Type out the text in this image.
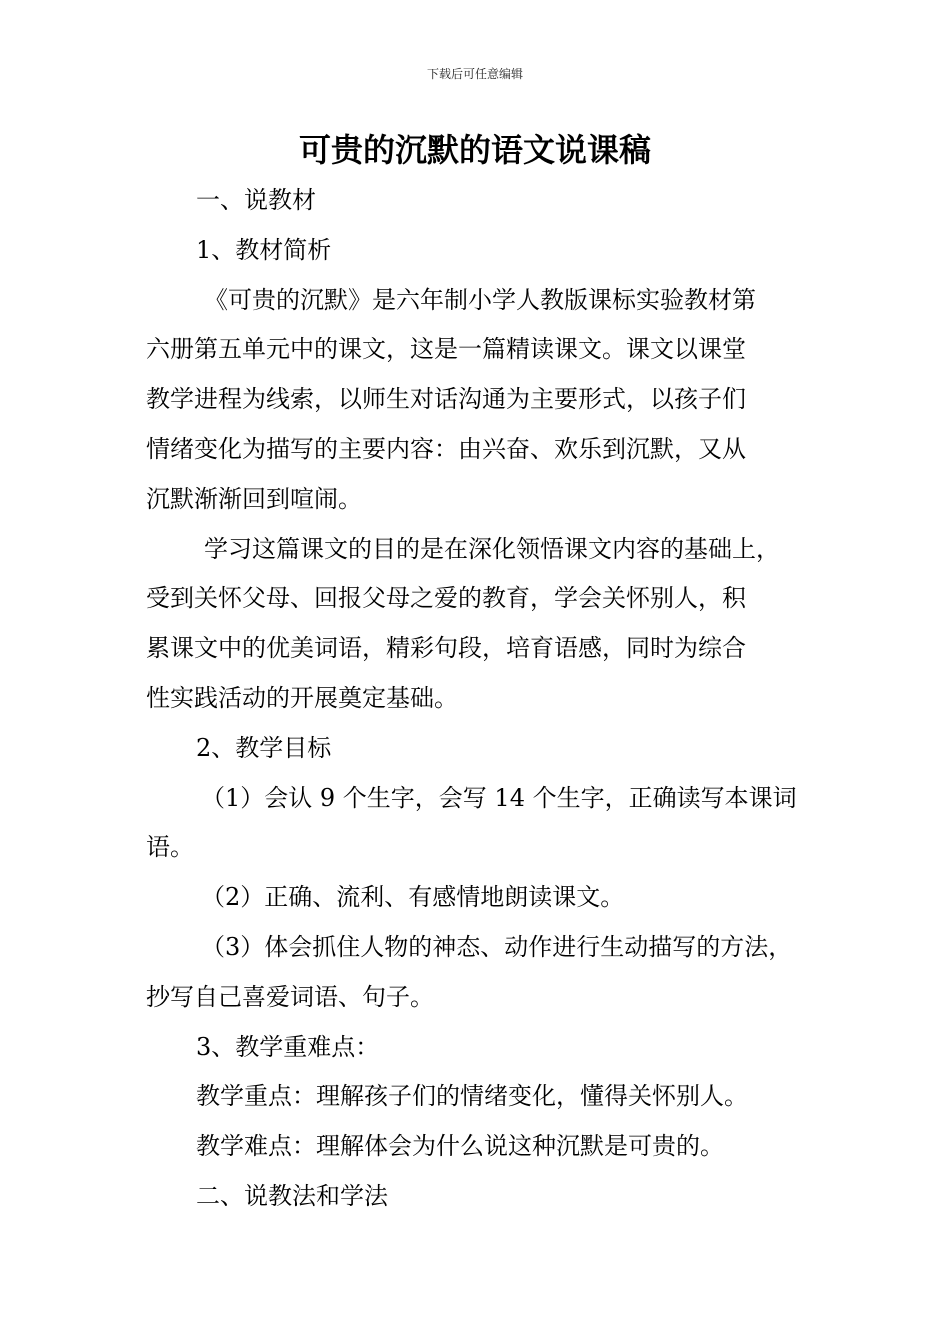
下载后可任意编辑
可贵的沉默的语文说课稿
一、说教材
1、教材简析
《可贵的沉默》是六年制小学人教版课标实验教材第
六册第五单元中的课文，这是一篇精读课文。课文以课堂
教学进程为线索，以师生对话沟通为主要形式，以孩子们
情绪变化为描写的主要内容：由兴奋、欢乐到沉默，又从
沉默渐渐回到喧闹。
学习这篇课文的目的是在深化领悟课文内容的基础上，
受到关怀父母、回报父母之爱的教育，学会关怀别人，积
累课文中的优美词语，精彩句段，培育语感，同时为综合
性实践活动的开展奠定基础。
2、教学目标
（1）会认 9 个生字，会写 14 个生字，正确读写本课词
语。
（2）正确、流利、有感情地朗读课文。
（3）体会抓住人物的神态、动作进行生动描写的方法，
抄写自己喜爱词语、句子。
3、教学重难点：
教学重点：理解孩子们的情绪变化，懂得关怀别人。
教学难点：理解体会为什么说这种沉默是可贵的。
二、说教法和学法
